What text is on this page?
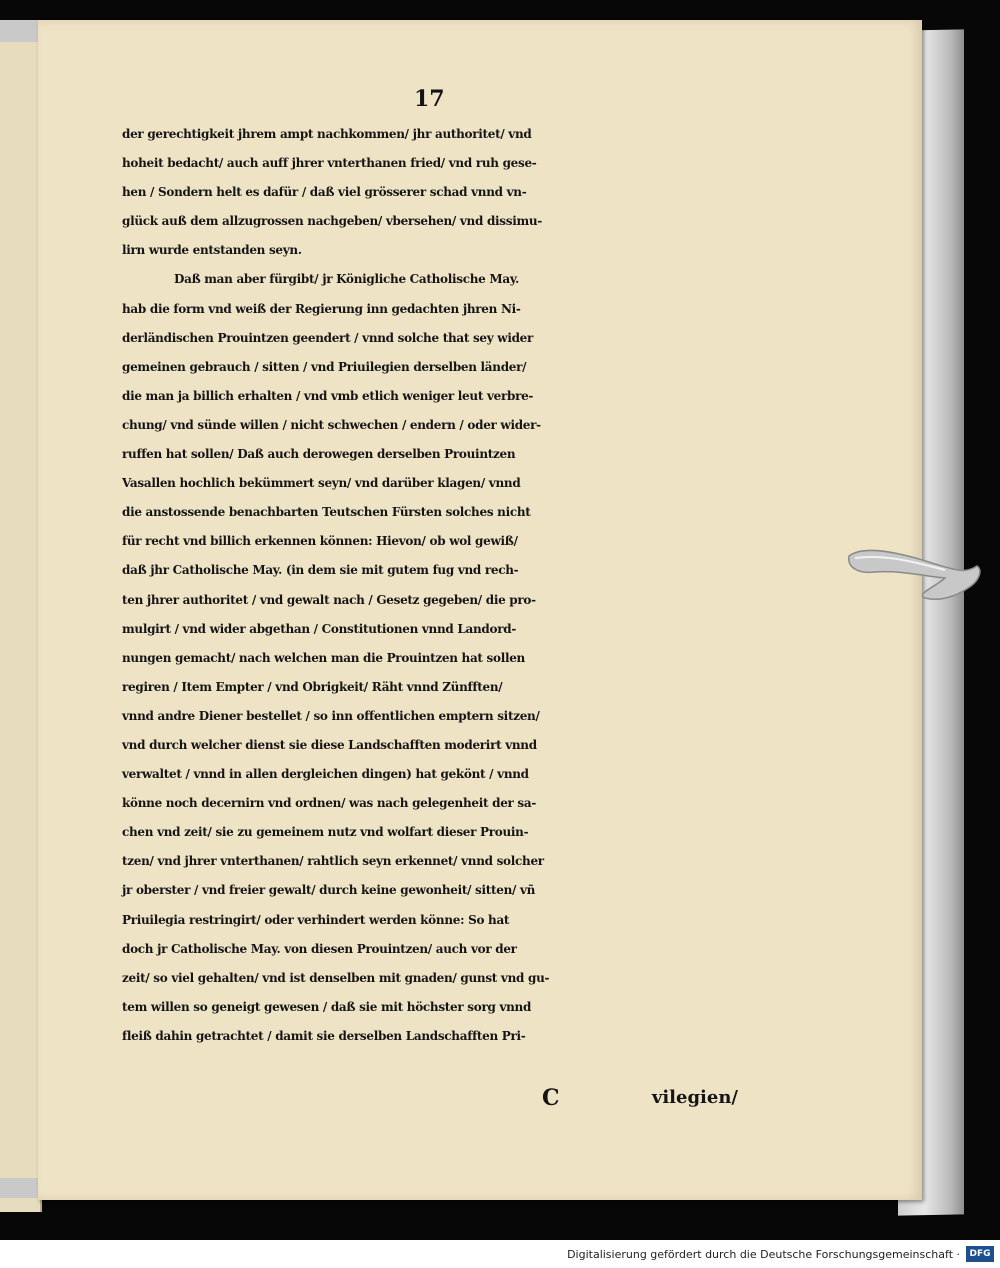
17
der gerechtigkeit jhrem ampt nachkommen/ jhr authoritet/ vnd
hoheit bedacht/ auch auff jhrer vnterthanen fried/ vnd ruh gese-
hen / Sondern helt es dafür / daß viel grösserer schad vnnd vn-
glück auß dem allzugrossen nachgeben/ vbersehen/ vnd dissimu-
lirn wurde entstanden seyn.
Daß man aber fürgibt/ jr Königliche Catholische May.
hab die form vnd weiß der Regierung inn gedachten jhren Ni-
derländischen Prouintzen geendert / vnnd solche that sey wider
gemeinen gebrauch / sitten / vnd Priuilegien derselben länder/
die man ja billich erhalten / vnd vmb etlich weniger leut verbre-
chung/ vnd sünde willen / nicht schwechen / endern / oder wider-
ruffen hat sollen/ Daß auch derowegen derselben Prouintzen
Vasallen hochlich bekümmert seyn/ vnd darüber klagen/ vnnd
die anstossende benachbarten Teutschen Fürsten solches nicht
für recht vnd billich erkennen können: Hievon/ ob wol gewiß/
daß jhr Catholische May. (in dem sie mit gutem fug vnd rech-
ten jhrer authoritet / vnd gewalt nach / Gesetz gegeben/ die pro-
mulgirt / vnd wider abgethan / Constitutionen vnnd Landord-
nungen gemacht/ nach welchen man die Prouintzen hat sollen
regiren / Item Empter / vnd Obrigkeit/ Räht vnnd Zünfften/
vnnd andre Diener bestellet / so inn offentlichen emptern sitzen/
vnd durch welcher dienst sie diese Landschafften moderirt vnnd
verwaltet / vnnd in allen dergleichen dingen) hat gekönt / vnnd
könne noch decernirn vnd ordnen/ was nach gelegenheit der sa-
chen vnd zeit/ sie zu gemeinem nutz vnd wolfart dieser Prouin-
tzen/ vnd jhrer vnterthanen/ rahtlich seyn erkennet/ vnnd solcher
jr oberster / vnd freier gewalt/ durch keine gewonheit/ sitten/ vñ
Priuilegia restringirt/ oder verhindert werden könne: So hat
doch jr Catholische May. von diesen Prouintzen/ auch vor der
zeit/ so viel gehalten/ vnd ist denselben mit gnaden/ gunst vnd gu-
tem willen so geneigt gewesen / daß sie mit höchster sorg vnnd
fleiß dahin getrachtet / damit sie derselben Landschafften Pri-
C	vilegien/
Digitalisierung gefördert durch die Deutsche Forschungsgemeinschaft ·	DFG
